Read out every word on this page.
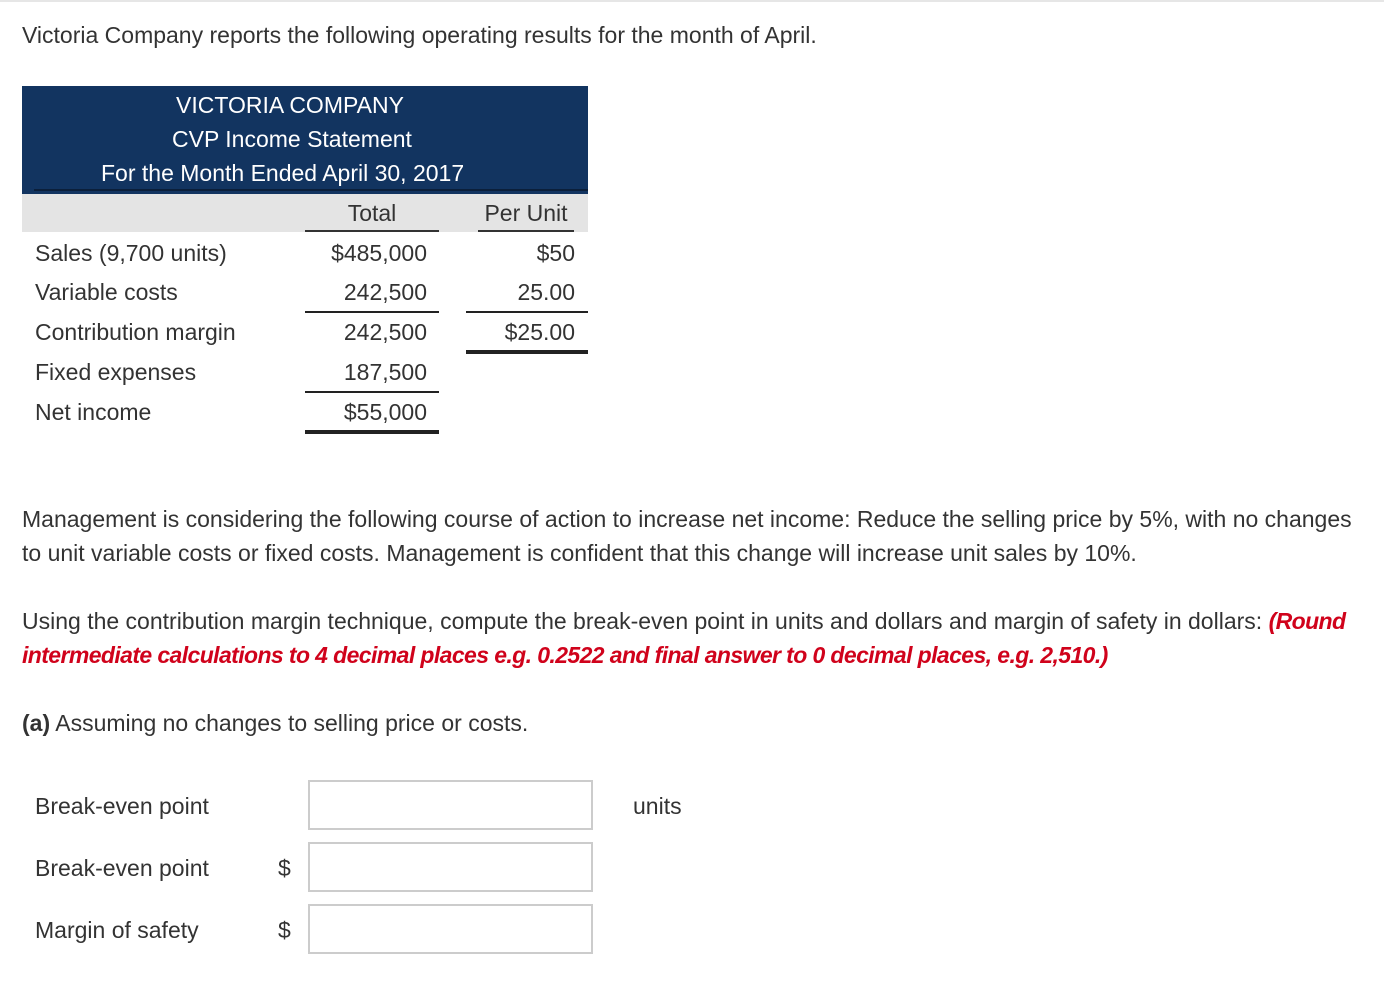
Victoria Company reports the following operating results for the month of April.
VICTORIA COMPANY
CVP Income Statement
For the Month Ended April 30, 2017
Total	Per Unit
Sales (9,700 units)	$485,000	$50
Variable costs	242,500	25.00
Contribution margin	242,500	$25.00
Fixed expenses	187,500
Net income	$55,000
Management is considering the following course of action to increase net income: Reduce the selling price by 5%, with no changes to unit variable costs or fixed costs. Management is confident that this change will increase unit sales by 10%.
Using the contribution margin technique, compute the break-even point in units and dollars and margin of safety in dollars: (Round intermediate calculations to 4 decimal places e.g. 0.2522 and final answer to 0 decimal places, e.g. 2,510.)
(a) Assuming no changes to selling price or costs.
Break-even point	units
Break-even point	$
Margin of safety	$
